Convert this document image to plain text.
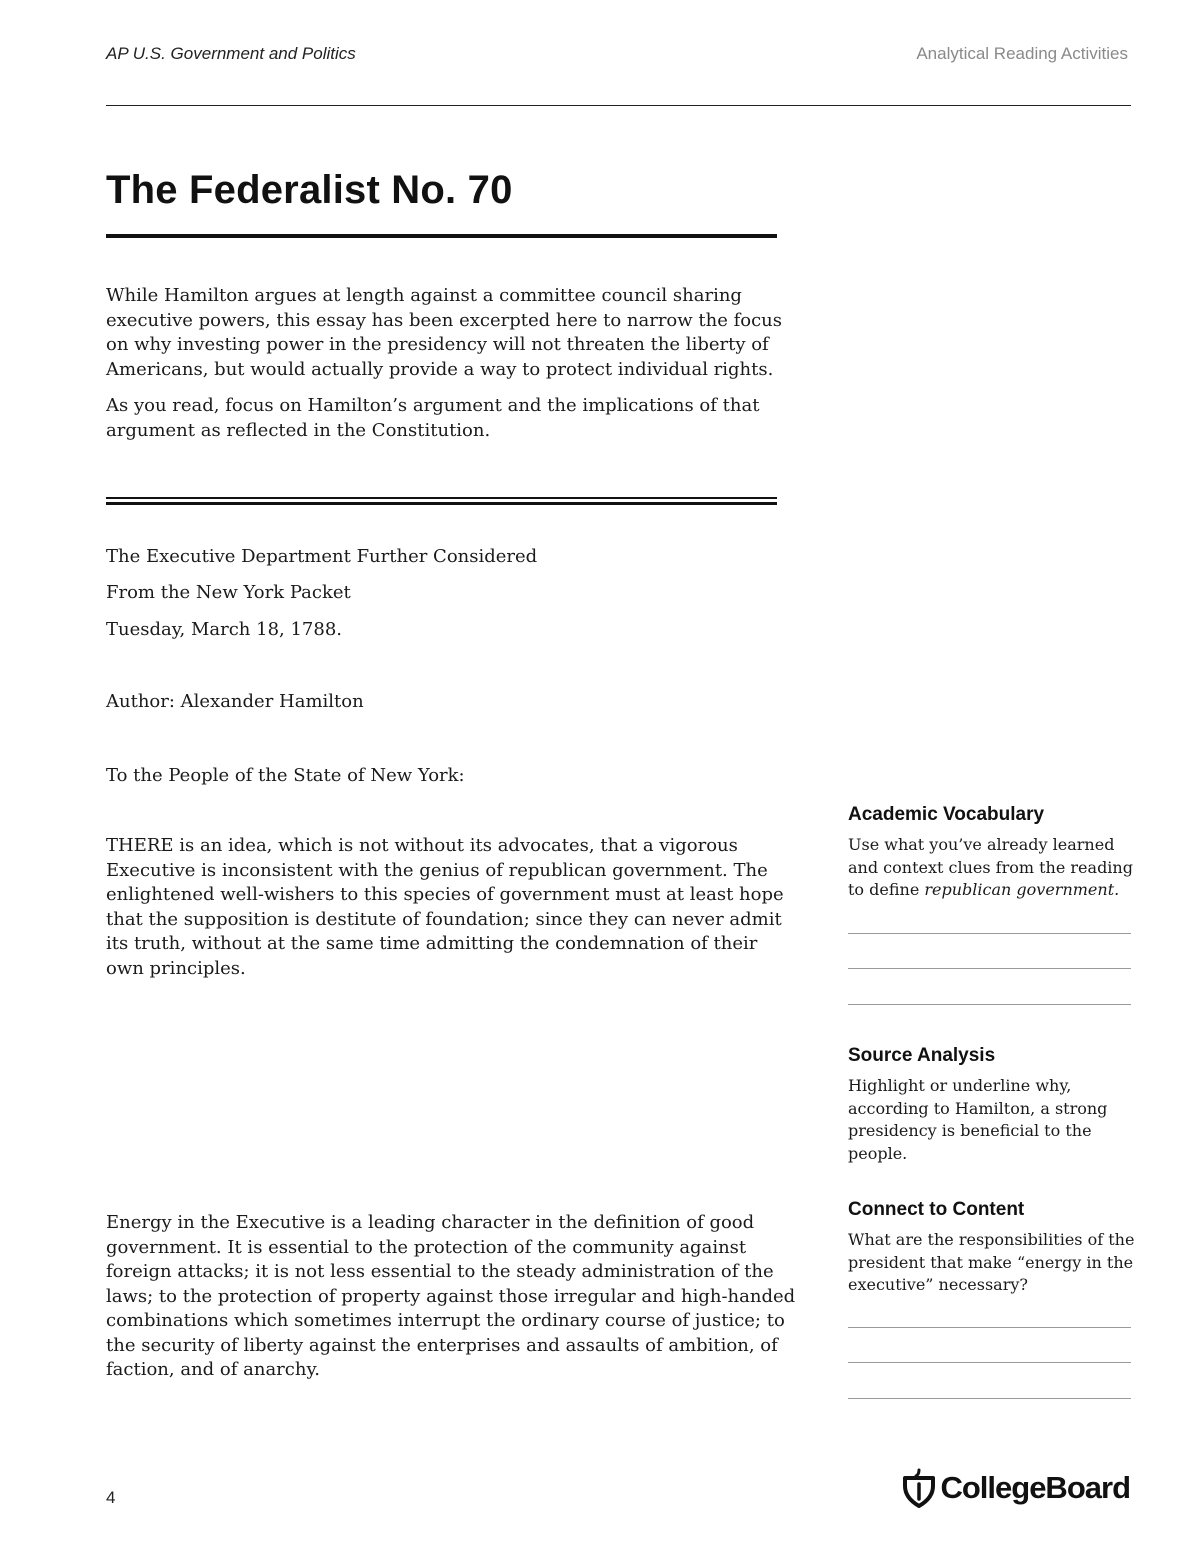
AP U.S. Government and Politics	Analytical Reading Activities
The Federalist No. 70

While Hamilton argues at length against a committee council sharing executive powers, this essay has been excerpted here to narrow the focus on why investing power in the presidency will not threaten the liberty of Americans, but would actually provide a way to protect individual rights.

As you read, focus on Hamilton’s argument and the implications of that argument as reflected in the Constitution.

The Executive Department Further Considered
From the New York Packet
Tuesday, March 18, 1788.
Author: Alexander Hamilton
To the People of the State of New York:

THERE is an idea, which is not without its advocates, that a vigorous Executive is inconsistent with the genius of republican government. The enlightened well-wishers to this species of government must at least hope that the supposition is destitute of foundation; since they can never admit its truth, without at the same time admitting the condemnation of their own principles.

Energy in the Executive is a leading character in the definition of good government. It is essential to the protection of the community against foreign attacks; it is not less essential to the steady administration of the laws; to the protection of property against those irregular and high-handed combinations which sometimes interrupt the ordinary course of justice; to the security of liberty against the enterprises and assaults of ambition, of faction, and of anarchy.

Academic Vocabulary

Use what you’ve already learned and context clues from the reading to define republican government.

Source Analysis

Highlight or underline why, according to Hamilton, a strong presidency is beneficial to the people.

Connect to Content

What are the responsibilities of the president that make “energy in the executive” necessary?

4	CollegeBoard
